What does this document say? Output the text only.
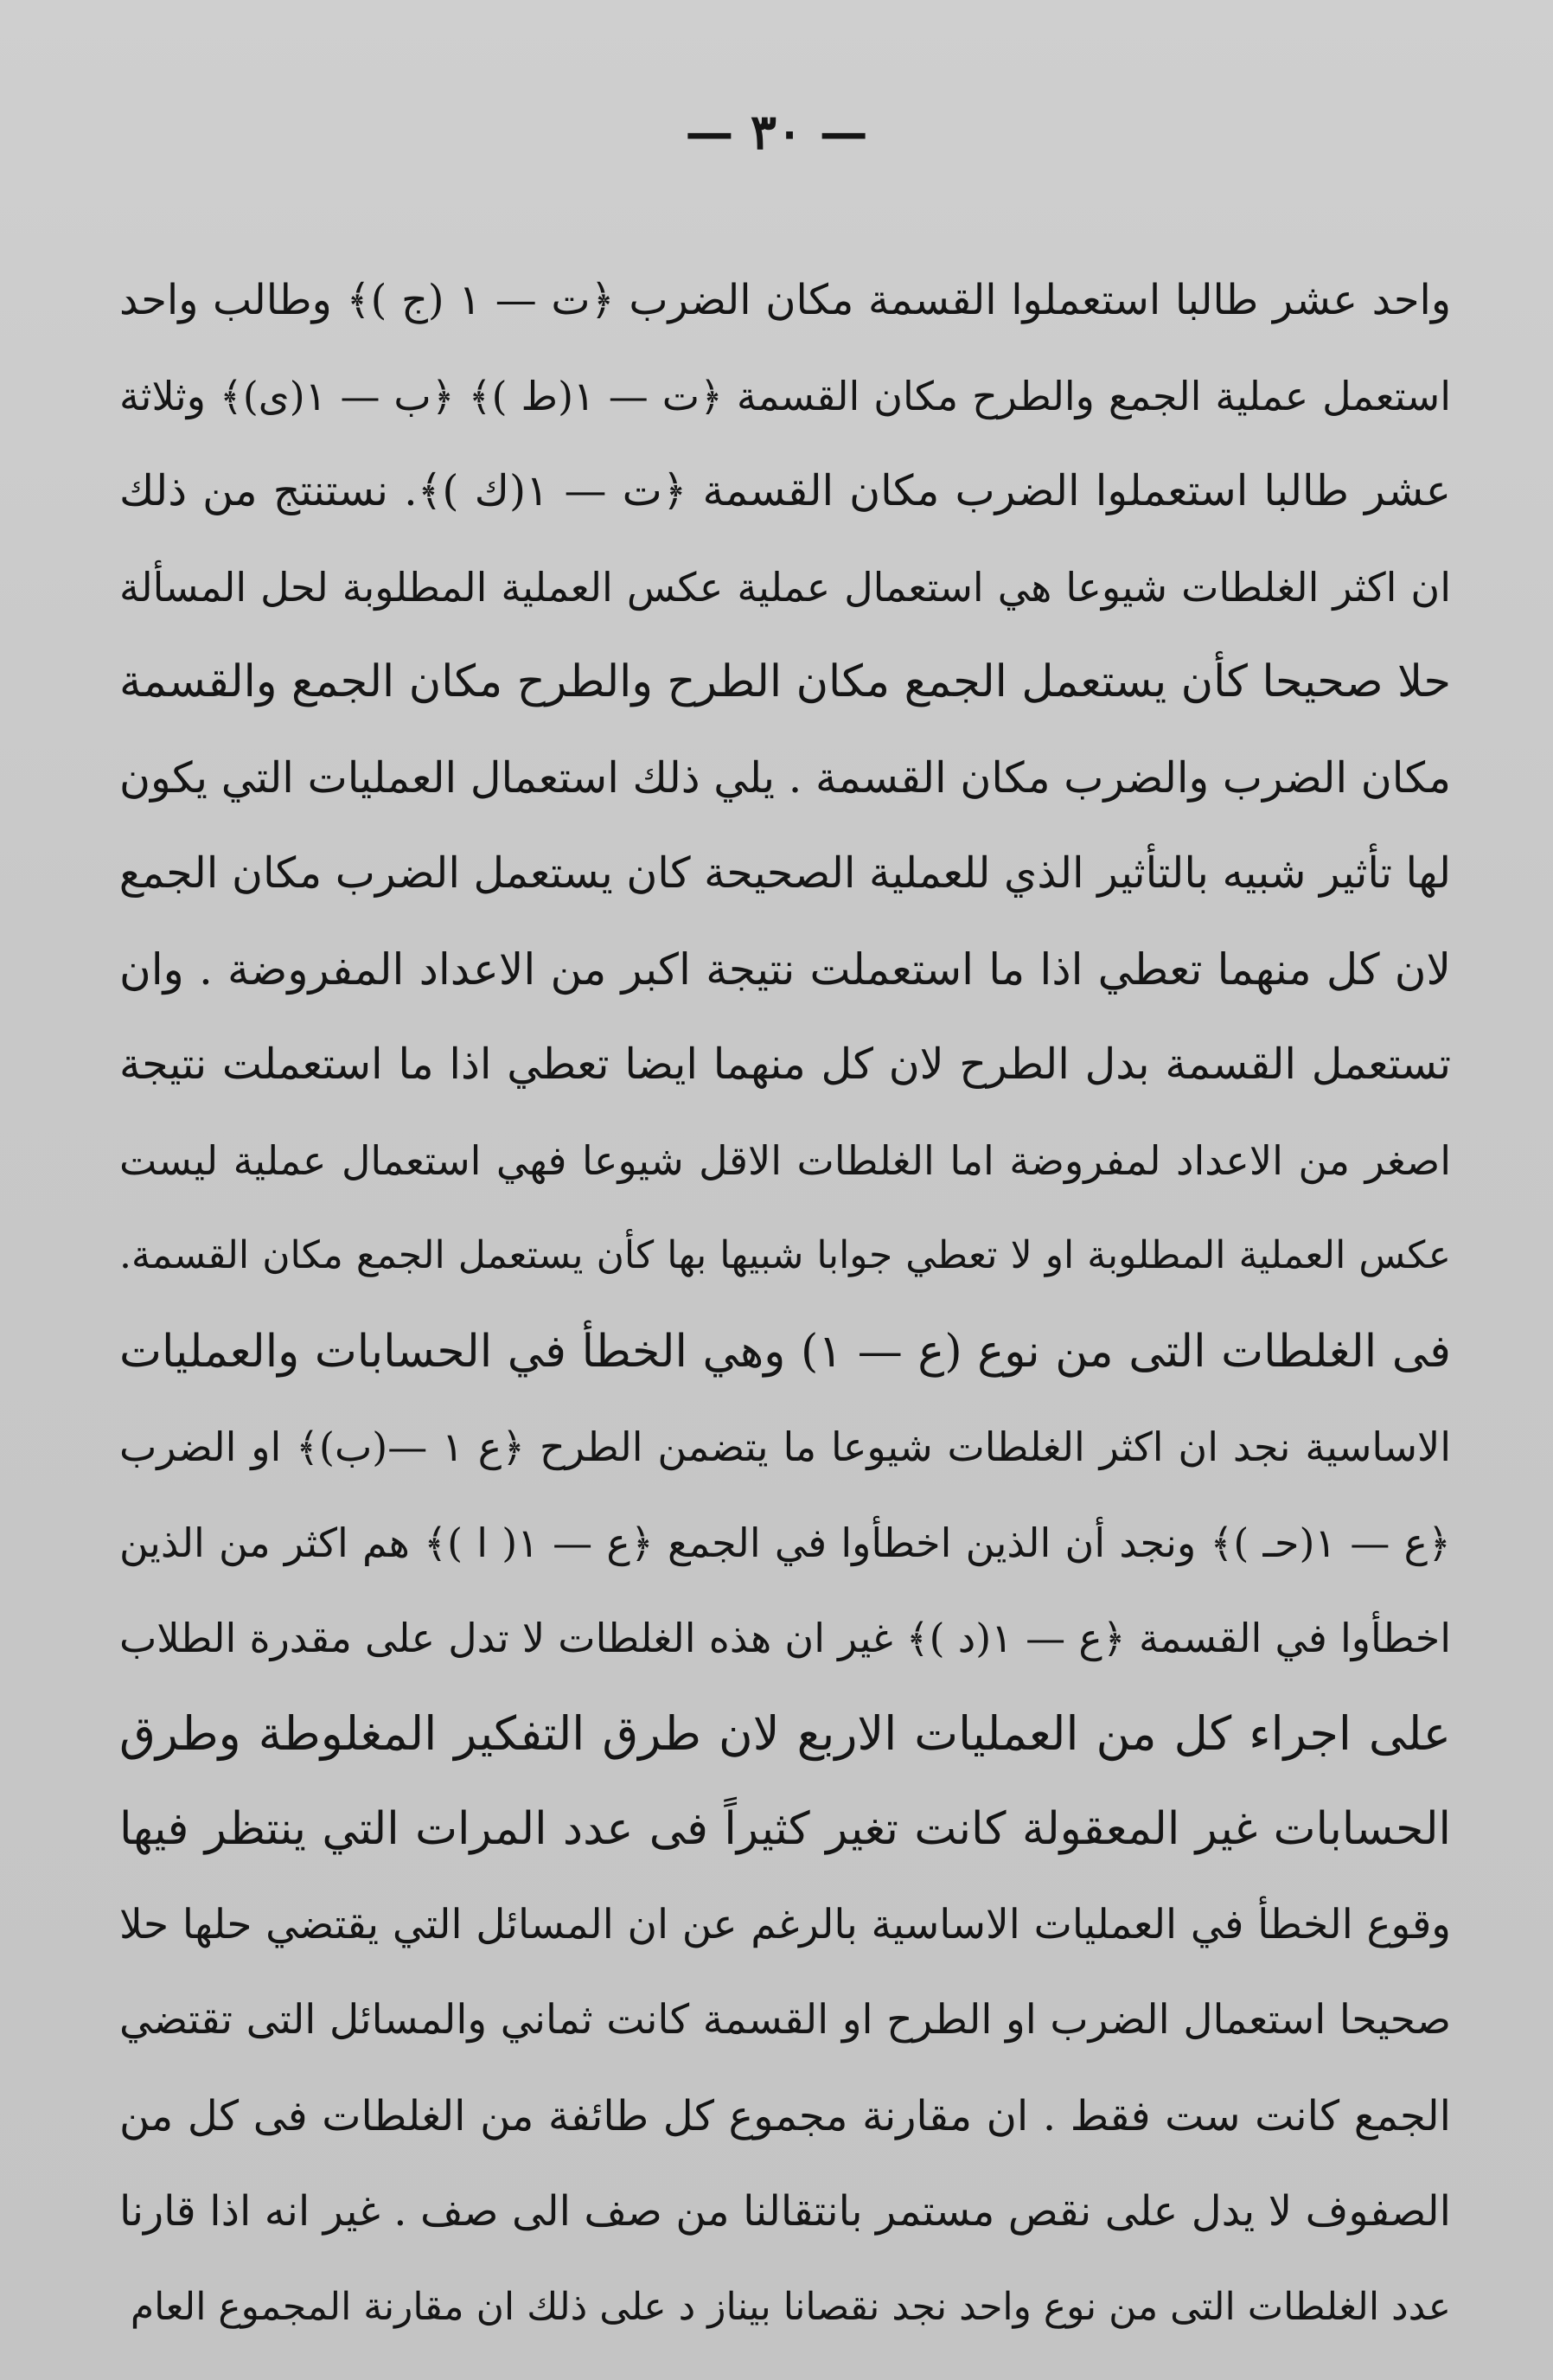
— ٣٠ —
واحد عشر طالبا استعملوا القسمة مكان الضرب ﴿ت — ١ (ج )﴾ وطالب واحد
استعمل عملية الجمع والطرح مكان القسمة ﴿ت — ١(ط )﴾ ﴿ب — ١(ى)﴾ وثلاثة
عشر طالبا استعملوا الضرب مكان القسمة ﴿ت — ١(ك )﴾. نستنتج من ذلك
ان اكثر الغلطات شيوعا هي استعمال عملية عكس العملية المطلوبة لحل المسألة
حلا صحيحا كأن يستعمل الجمع مكان الطرح والطرح مكان الجمع والقسمة
مكان الضرب والضرب مكان القسمة . يلي ذلك استعمال العمليات التي يكون
لها تأثير شبيه بالتأثير الذي للعملية الصحيحة كان يستعمل الضرب مكان الجمع
لان كل منهما تعطي اذا ما استعملت نتيجة اكبر من الاعداد المفروضة . وان
تستعمل القسمة بدل الطرح لان كل منهما ايضا تعطي اذا ما استعملت نتيجة
اصغر من الاعداد لمفروضة اما الغلطات الاقل شيوعا فهي استعمال عملية ليست
عكس العملية المطلوبة او لا تعطي جوابا شبيها بها كأن يستعمل الجمع مكان القسمة.
فى الغلطات التى من نوع (ع — ١) وهي الخطأ في الحسابات والعمليات
الاساسية نجد ان اكثر الغلطات شيوعا ما يتضمن الطرح ﴿ع ١ —(ب)﴾ او الضرب
﴿ع — ١(حـ )﴾ ونجد أن الذين اخطأوا في الجمع ﴿ع — ١( ا )﴾ هم اكثر من الذين
اخطأوا في القسمة ﴿ع — ١(د )﴾ غير ان هذه الغلطات لا تدل على مقدرة الطلاب
على اجراء كل من العمليات الاربع لان طرق التفكير المغلوطة وطرق
الحسابات غير المعقولة كانت تغير كثيراً فى عدد المرات التي ينتظر فيها
وقوع الخطأ في العمليات الاساسية بالرغم عن ان المسائل التي يقتضي حلها حلا
صحيحا استعمال الضرب او الطرح او القسمة كانت ثماني والمسائل التى تقتضي
الجمع كانت ست فقط . ان مقارنة مجموع كل طائفة من الغلطات فى كل من
الصفوف لا يدل على نقص مستمر بانتقالنا من صف الى صف . غير انه اذا قارنا
عدد الغلطات التى من نوع واحد نجد نقصانا بيناز د على ذلك ان مقارنة المجموع العام
